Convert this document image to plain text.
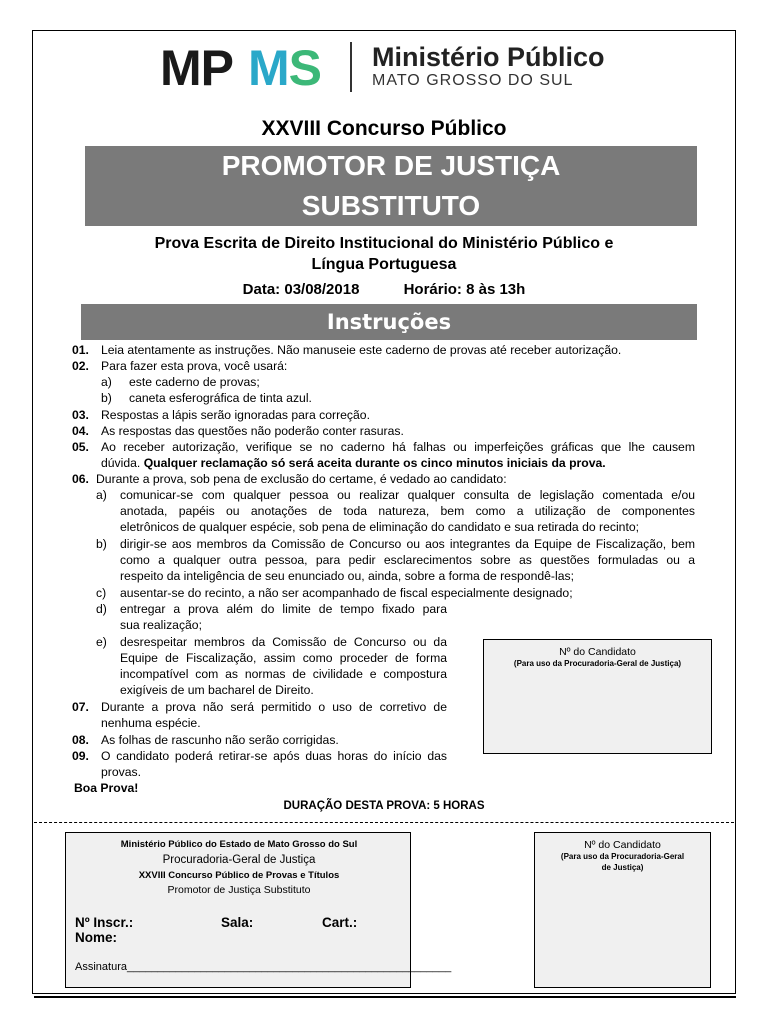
MP MS Ministério Público
MATO GROSSO DO SUL
XXVIII Concurso Público
PROMOTOR DE JUSTIÇA
SUBSTITUTO
Prova Escrita de Direito Institucional do Ministério Público e
Língua Portuguesa
Data: 03/08/2018	Horário: 8 às 13h
Instruções
01. Leia atentamente as instruções. Não manuseie este caderno de provas até receber autorização.
02. Para fazer esta prova, você usará:
a) este caderno de provas;
b) caneta esferográfica de tinta azul.
03. Respostas a lápis serão ignoradas para correção.
04. As respostas das questões não poderão conter rasuras.
05. Ao receber autorização, verifique se no caderno há falhas ou imperfeições gráficas que lhe causem
dúvida. Qualquer reclamação só será aceita durante os cinco minutos iniciais da prova.
06. Durante a prova, sob pena de exclusão do certame, é vedado ao candidato:
a) comunicar-se com qualquer pessoa ou realizar qualquer consulta de legislação comentada e/ou
anotada, papéis ou anotações de toda natureza, bem como a utilização de componentes
eletrônicos de qualquer espécie, sob pena de eliminação do candidato e sua retirada do recinto;
b) dirigir-se aos membros da Comissão de Concurso ou aos integrantes da Equipe de Fiscalização, bem
como a qualquer outra pessoa, para pedir esclarecimentos sobre as questões formuladas ou a
respeito da inteligência de seu enunciado ou, ainda, sobre a forma de respondê-las;
c) ausentar-se do recinto, a não ser acompanhado de fiscal especialmente designado;
d) entregar a prova além do limite de tempo fixado para
sua realização;
e) desrespeitar membros da Comissão de Concurso ou da
Equipe de Fiscalização, assim como proceder de forma
incompatível com as normas de civilidade e compostura
exigíveis de um bacharel de Direito.
07. Durante a prova não será permitido o uso de corretivo de
nenhuma espécie.
08. As folhas de rascunho não serão corrigidas.
09. O candidato poderá retirar-se após duas horas do início das
provas.
Boa Prova!
Nº do Candidato
(Para uso da Procuradoria-Geral de Justiça)
DURAÇÃO DESTA PROVA: 5 HORAS
Ministério Público do Estado de Mato Grosso do Sul
Procuradoria-Geral de Justiça
XXVIII Concurso Público de Provas e Títulos
Promotor de Justiça Substituto
Nº Inscr.:	Sala:	Cart.:
Nome:
Assinatura_____________________________________________________
Nº do Candidato
(Para uso da Procuradoria-Geral
de Justiça)
